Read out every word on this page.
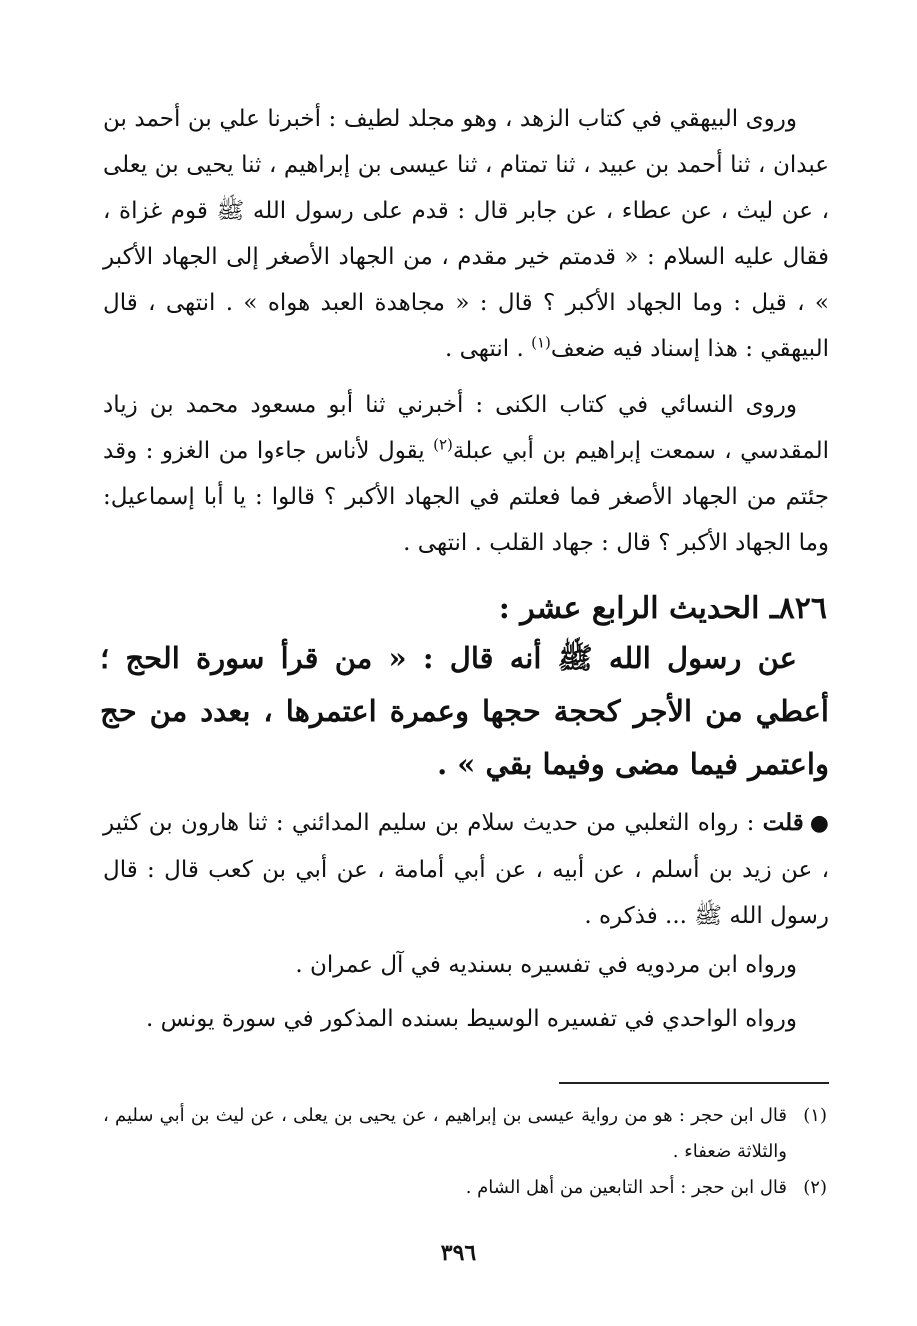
وروى البيهقي في كتاب الزهد ، وهو مجلد لطيف : أخبرنا علي بن أحمد بن عبدان ، ثنا أحمد بن عبيد ، ثنا تمتام ، ثنا عيسى بن إبراهيم ، ثنا يحيى بن يعلى ، عن ليث ، عن عطاء ، عن جابر قال : قدم على رسول الله ﷺ قوم غزاة ، فقال عليه السلام : « قدمتم خير مقدم ، من الجهاد الأصغر إلى الجهاد الأكبر » ، قيل : وما الجهاد الأكبر ؟ قال : « مجاهدة العبد هواه » . انتهى ، قال البيهقي : هذا إسناد فيه ضعف$^{(١)}$ . انتهى .

وروى النسائي في كتاب الكنى : أخبرني ثنا أبو مسعود محمد بن زياد المقدسي ، سمعت إبراهيم بن أبي عبلة$^{(٢)}$ يقول لأناس جاءوا من الغزو : وقد جئتم من الجهاد الأصغر فما فعلتم في الجهاد الأكبر ؟ قالوا : يا أبا إسماعيل: وما الجهاد الأكبر ؟ قال : جهاد القلب . انتهى .

٨٢٦ـ الحديث الرابع عشر :

عن رسول الله ﷺ أنه قال : « من قرأ سورة الحج ؛ أعطي من الأجر كحجة حجها وعمرة اعتمرها ، بعدد من حج واعتمر فيما مضى وفيما بقي » .

●قلت : رواه الثعلبي من حديث سلام بن سليم المدائني : ثنا هارون بن كثير ، عن زيد بن أسلم ، عن أبيه ، عن أبي أمامة ، عن أبي بن كعب قال : قال رسول الله ﷺ ... فذكره .

ورواه ابن مردويه في تفسيره بسنديه في آل عمران .

ورواه الواحدي في تفسيره الوسيط بسنده المذكور في سورة يونس .

(١)
قال ابن حجر : هو من رواية عيسى بن إبراهيم ، عن يحيى بن يعلى ، عن ليث بن أبي سليم ، والثلاثة ضعفاء .
(٢)
قال ابن حجر : أحد التابعين من أهل الشام .
٣٩٦
